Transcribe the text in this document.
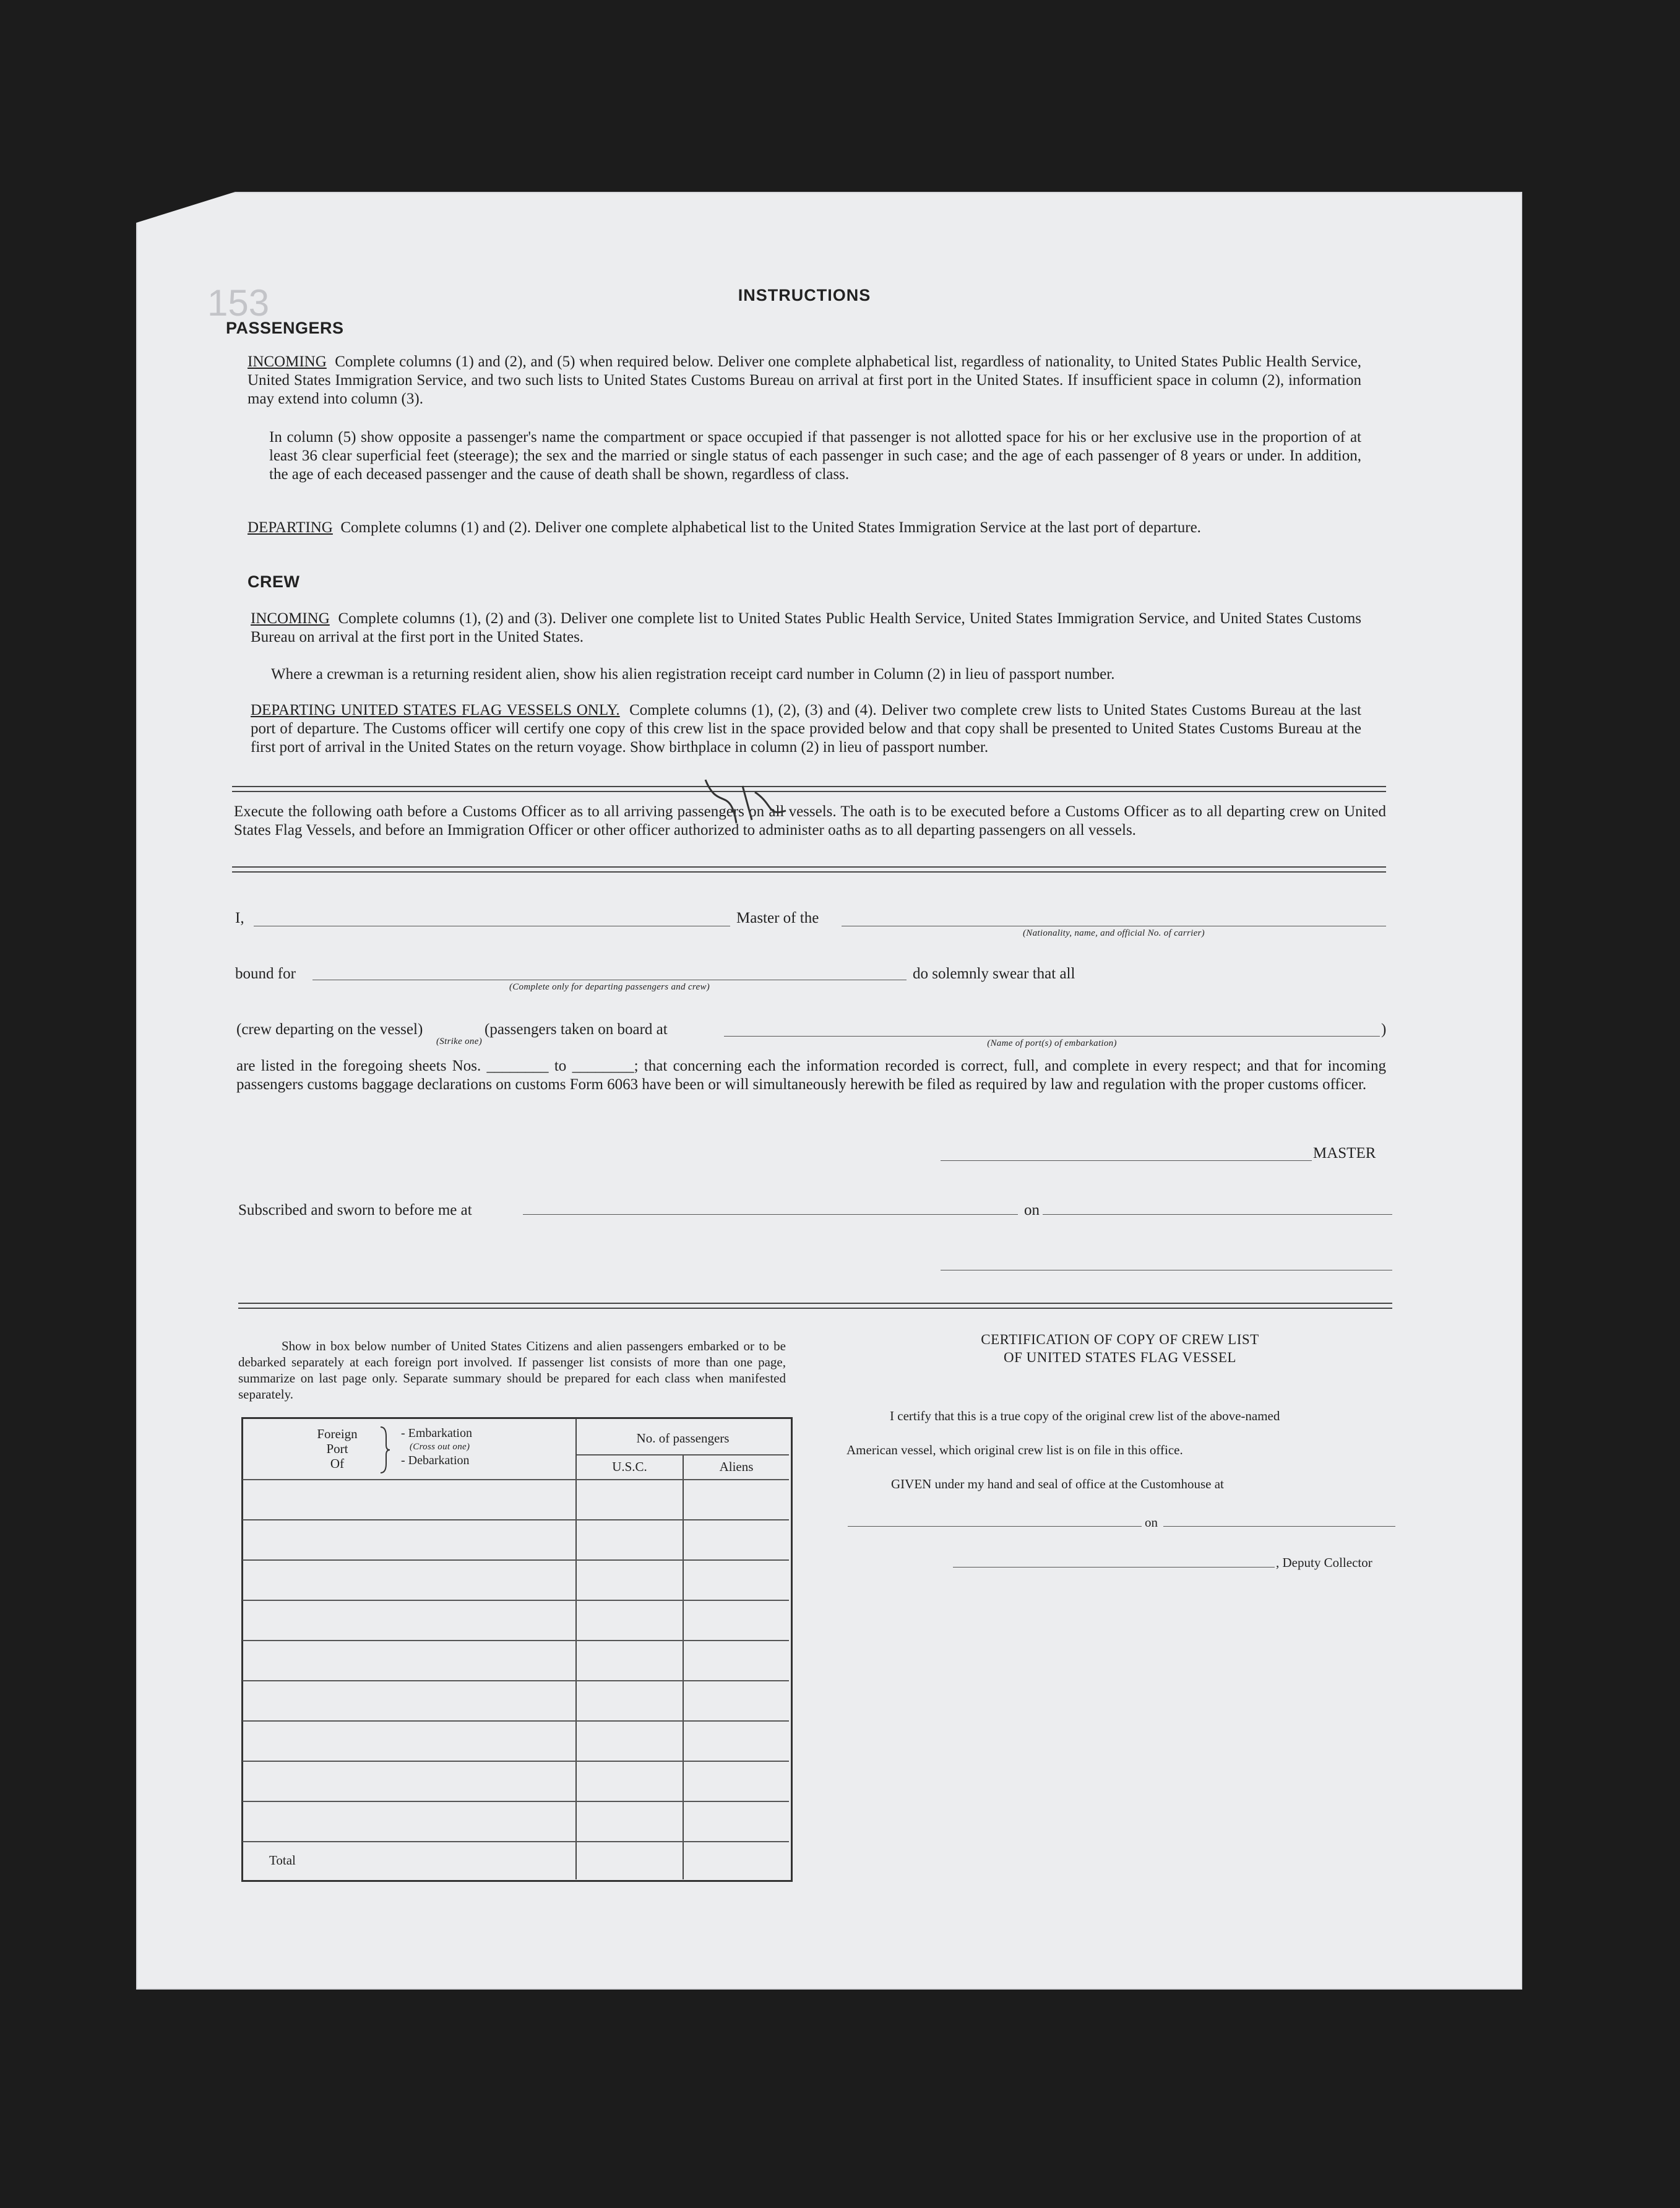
153	INSTRUCTIONS
PASSENGERS
INCOMING Complete columns (1) and (2), and (5) when required below. Deliver one complete alphabetical list, regardless of nationality, to United States Public Health Service, United States Immigration Service, and two such lists to United States Customs Bureau on arrival at first port in the United States. If insufficient space in column (2), information may extend into column (3).
In column (5) show opposite a passenger's name the compartment or space occupied if that passenger is not allotted space for his or her exclusive use in the proportion of at least 36 clear superficial feet (steerage); the sex and the married or single status of each passenger in such case; and the age of each passenger of 8 years or under. In addition, the age of each deceased passenger and the cause of death shall be shown, regardless of class.
DEPARTING Complete columns (1) and (2). Deliver one complete alphabetical list to the United States Immigration Service at the last port of departure.
CREW
INCOMING Complete columns (1), (2) and (3). Deliver one complete list to United States Public Health Service, United States Immigration Service, and United States Customs Bureau on arrival at the first port in the United States.
Where a crewman is a returning resident alien, show his alien registration receipt card number in Column (2) in lieu of passport number.
DEPARTING UNITED STATES FLAG VESSELS ONLY. Complete columns (1), (2), (3) and (4). Deliver two complete crew lists to United States Customs Bureau at the last port of departure. The Customs officer will certify one copy of this crew list in the space provided below and that copy shall be presented to United States Customs Bureau at the first port of arrival in the United States on the return voyage. Show birthplace in column (2) in lieu of passport number.
Execute the following oath before a Customs Officer as to all arriving passengers on all vessels. The oath is to be executed before a Customs Officer as to all departing crew on United States Flag Vessels, and before an Immigration Officer or other officer authorized to administer oaths as to all departing passengers on all vessels.
I,	Master of the
(Nationality, name, and official No. of carrier)
bound for
(Complete only for departing passengers and crew)
do solemnly swear that all
(crew departing on the vessel)
(Strike one)
(passengers taken on board at
(Name of port(s) of embarkation)
)
are listed in the foregoing sheets Nos. ________ to ________; that concerning each the information recorded is correct, full, and complete in every respect; and that for incoming passengers customs baggage declarations on customs Form 6063 have been or will simultaneously herewith be filed as required by law and regulation with the proper customs officer.
MASTER
Subscribed and sworn to before me at	on
Show in box below number of United States Citizens and alien passengers embarked or to be debarked separately at each foreign port involved. If passenger list consists of more than one page, summarize on last page only. Separate summary should be prepared for each class when manifested separately.
Foreign
Port
Of
- Embarkation
(Cross out one)
- Debarkation
No. of passengers
U.S.C.	Aliens
Total
CERTIFICATION OF COPY OF CREW LIST
OF UNITED STATES FLAG VESSEL
I certify that this is a true copy of the original crew list of the above-named
American vessel, which original crew list is on file in this office.
GIVEN under my hand and seal of office at the Customhouse at
on
, Deputy Collector
